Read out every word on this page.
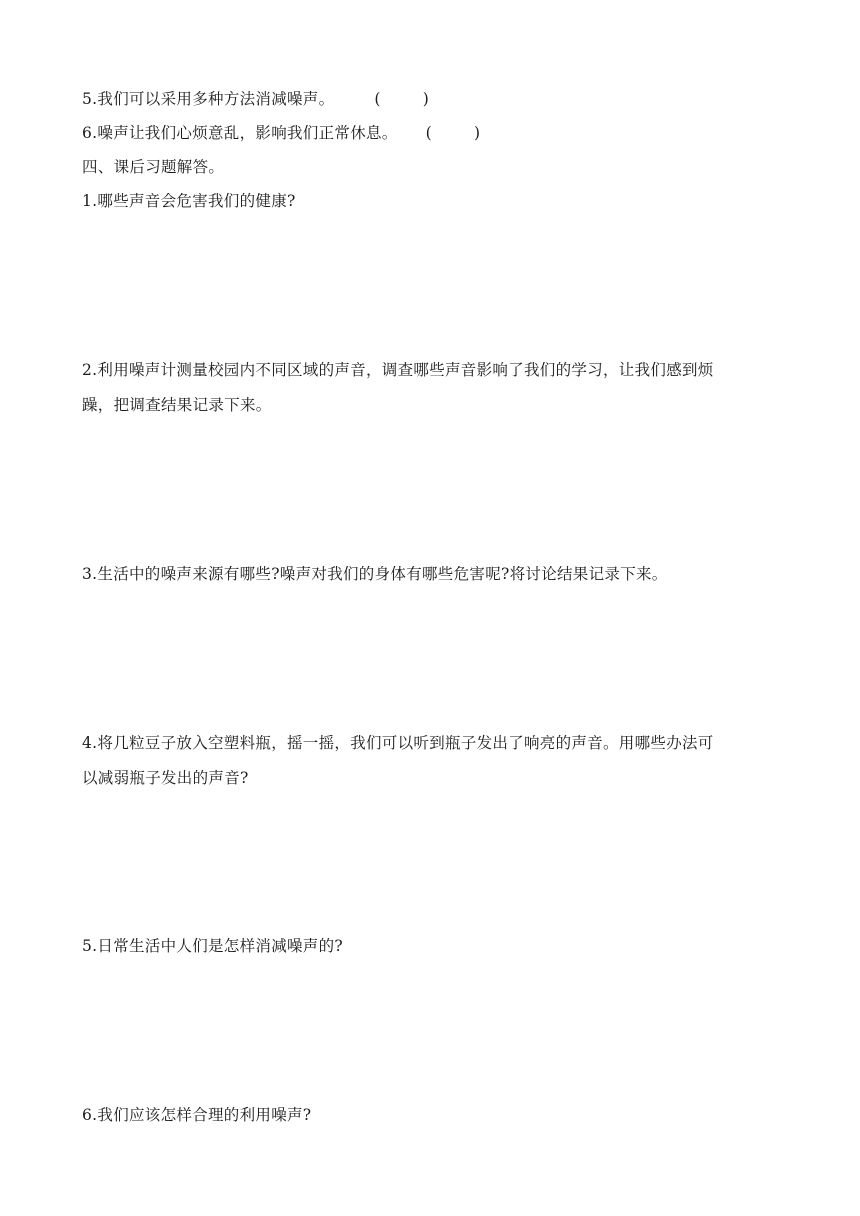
5.我们可以采用多种方法消减噪声。	(	)
6.噪声让我们心烦意乱，影响我们正常休息。 (	)
四、课后习题解答。
1.哪些声音会危害我们的健康?
2.利用噪声计测量校园内不同区域的声音，调查哪些声音影响了我们的学习，让我们感到烦
躁，把调查结果记录下来。
3.生活中的噪声来源有哪些?噪声对我们的身体有哪些危害呢?将讨论结果记录下来。
4.将几粒豆子放入空塑料瓶，摇一摇，我们可以听到瓶子发出了响亮的声音。用哪些办法可
以减弱瓶子发出的声音?
5.日常生活中人们是怎样消减噪声的?
6.我们应该怎样合理的利用噪声?
